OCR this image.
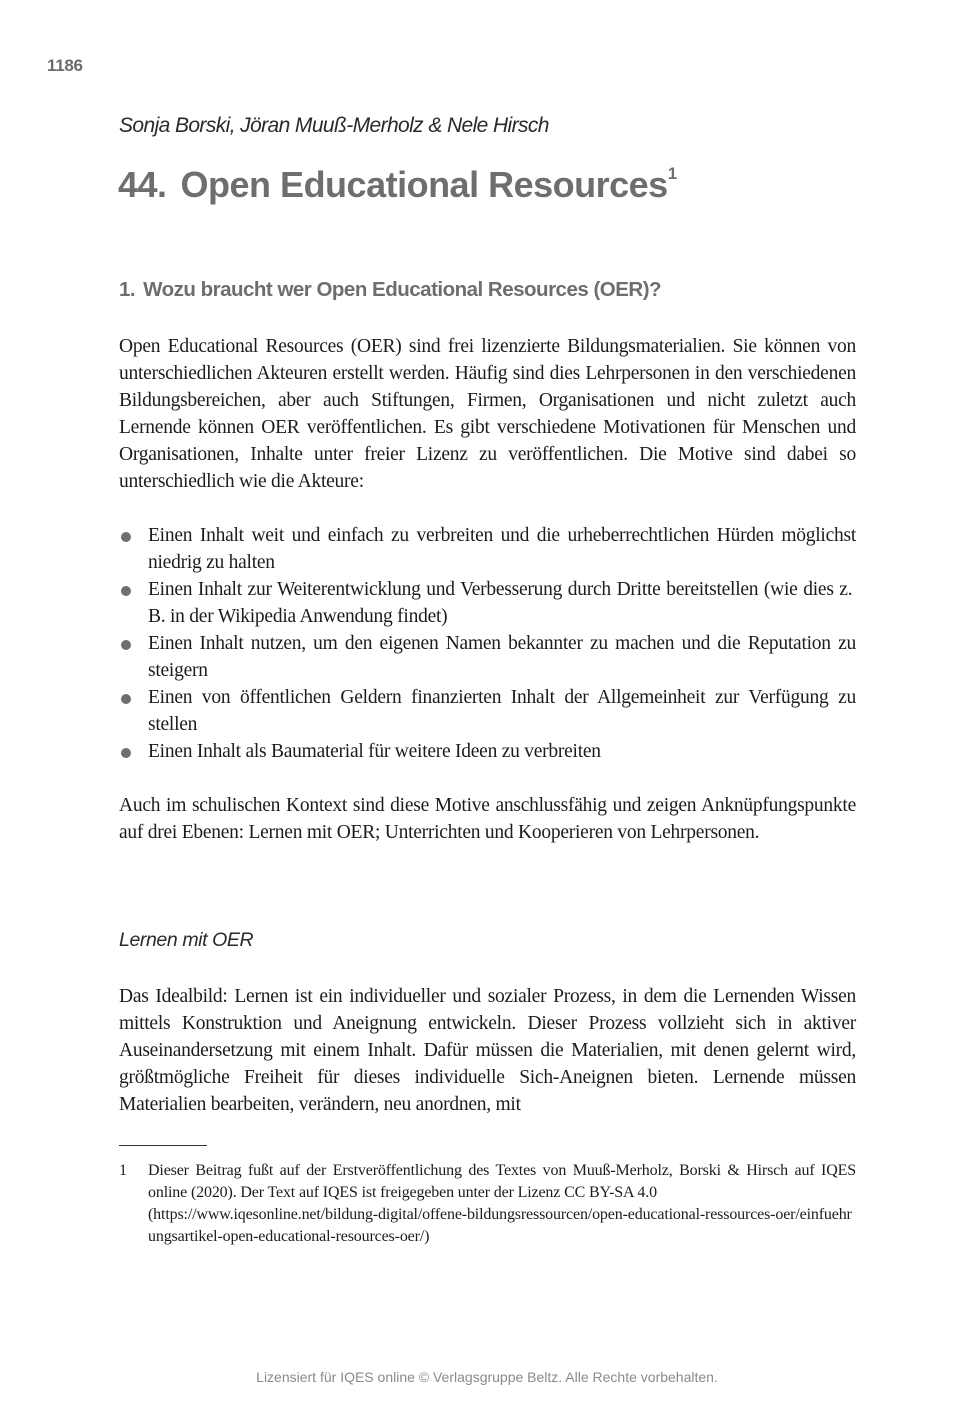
1186
Sonja Borski, Jöran Muuß-Merholz & Nele Hirsch
44. Open Educational Resources$^1$
1. Wozu braucht wer Open Educational Resources (OER)?

Open Educational Resources (OER) sind frei lizenzierte Bildungsmaterialien. Sie können von unterschiedlichen Akteuren erstellt werden. Häufig sind dies Lehrpersonen in den verschiedenen Bildungsbereichen, aber auch Stiftungen, Firmen, Organisationen und nicht zuletzt auch Lernende können OER veröffentlichen. Es gibt verschiedene Motivationen für Menschen und Organisationen, Inhalte unter freier Lizenz zu veröffentlichen. Die Motive sind dabei so unterschiedlich wie die Akteure:

Einen Inhalt weit und einfach zu verbreiten und die urheberrechtlichen Hürden möglichst niedrig zu halten
Einen Inhalt zur Weiterentwicklung und Verbesserung durch Dritte bereitstellen (wie dies z. B. in der Wikipedia Anwendung findet)
Einen Inhalt nutzen, um den eigenen Namen bekannter zu machen und die Reputation zu steigern
Einen von öffentlichen Geldern finanzierten Inhalt der Allgemeinheit zur Verfügung zu stellen
Einen Inhalt als Baumaterial für weitere Ideen zu verbreiten

Auch im schulischen Kontext sind diese Motive anschlussfähig und zeigen Anknüpfungspunkte auf drei Ebenen: Lernen mit OER; Unterrichten und Kooperieren von Lehrpersonen.

Lernen mit OER

Das Idealbild: Lernen ist ein individueller und sozialer Prozess, in dem die Lernenden Wissen mittels Konstruktion und Aneignung entwickeln. Dieser Prozess vollzieht sich in aktiver Auseinandersetzung mit einem Inhalt. Dafür müssen die Materialien, mit denen gelernt wird, größtmögliche Freiheit für dieses individuelle Sich-Aneignen bieten. Lernende müssen Materialien bearbeiten, verändern, neu anordnen, mit

1 Dieser Beitrag fußt auf der Erstveröffentlichung des Textes von Muuß-Merholz, Borski & Hirsch auf IQES online (2020). Der Text auf IQES ist freigegeben unter der Lizenz CC BY-SA 4.0
(https://www.iqesonline.net/bildung-digital/offene-bildungsressourcen/open-educational-ressources-oer/einfuehrungsartikel-open-educational-resources-oer/)
Lizensiert für IQES online © Verlagsgruppe Beltz. Alle Rechte vorbehalten.
